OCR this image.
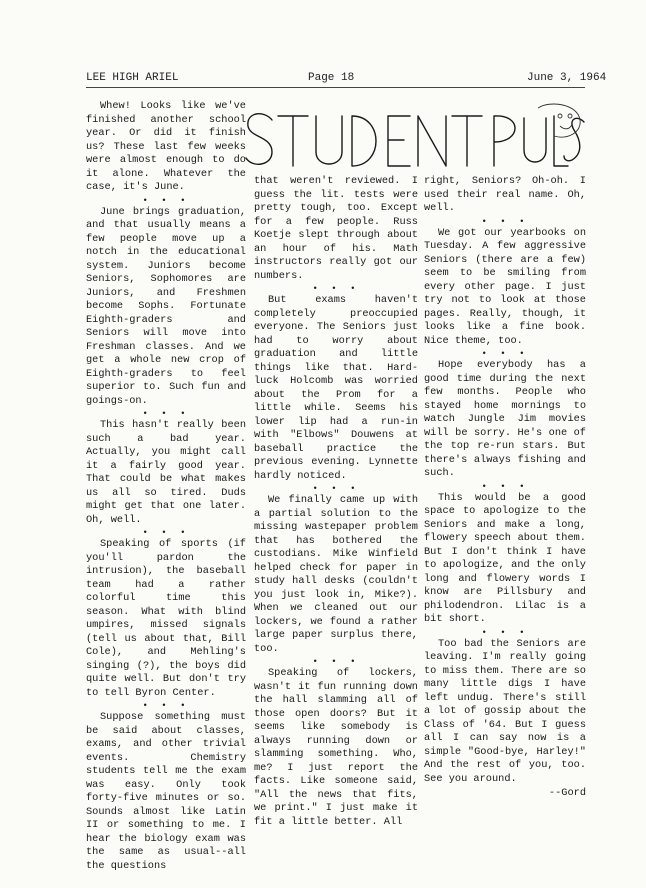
LEE HIGH ARIEL	Page 18	June 3, 1964

Whew! Looks like we've finished another school year. Or did it finish us? These last few weeks were almost enough to do it alone. Whatever the case, it's June.

• • •

June brings graduation, and that usually means a few people move up a notch in the educational system. Juniors become Seniors, Sophomores are Juniors, and Freshmen become Sophs. Fortunate Eighth-graders and Seniors will move into Freshman classes. And we get a whole new crop of Eighth-graders to feel superior to. Such fun and goings-on.

• • •

This hasn't really been such a bad year. Actually, you might call it a fairly good year. That could be what makes us all so tired. Duds might get that one later. Oh, well.

• • •

Speaking of sports (if you'll pardon the intrusion), the baseball team had a rather colorful time this season. What with blind umpires, missed signals (tell us about that, Bill Cole), and Mehling's singing (?), the boys did quite well. But don't try to tell Byron Center.

• • •

Suppose something must be said about classes, exams, and other trivial events. Chemistry students tell me the exam was easy. Only took forty-five minutes or so. Sounds almost like Latin II or something to me. I hear the biology exam was the same as usual--all the questions

that weren't reviewed. I guess the lit. tests were pretty tough, too. Except for a few people. Russ Koetje slept through about an hour of his. Math instructors really got our numbers.

• • •

But exams haven't completely preoccupied everyone. The Seniors just had to worry about graduation and little things like that. Hard-luck Holcomb was worried about the Prom for a little while. Seems his lower lip had a run-in with "Elbows" Douwens at baseball practice the previous evening. Lynnette hardly noticed.

• • •

We finally came up with a partial solution to the missing wastepaper problem that has bothered the custodians. Mike Winfield helped check for paper in study hall desks (couldn't you just look in, Mike?). When we cleaned out our lockers, we found a rather large paper surplus there, too.

• • •

Speaking of lockers, wasn't it fun running down the hall slamming all of those open doors? But it seems like somebody is always running down or slamming something. Who, me? I just report the facts. Like someone said, "All the news that fits, we print." I just make it fit a little better. All

right, Seniors? Oh-oh. I used their real name. Oh, well.

• • •

We got our yearbooks on Tuesday. A few aggressive Seniors (there are a few) seem to be smiling from every other page. I just try not to look at those pages. Really, though, it looks like a fine book. Nice theme, too.

• • •

Hope everybody has a good time during the next few months. People who stayed home mornings to watch Jungle Jim movies will be sorry. He's one of the top re-run stars. But there's always fishing and such.

• • •

This would be a good space to apologize to the Seniors and make a long, flowery speech about them. But I don't think I have to apologize, and the only long and flowery words I know are Pillsbury and philodendron. Lilac is a bit short.

• • •

Too bad the Seniors are leaving. I'm really going to miss them. There are so many little digs I have left undug. There's still a lot of gossip about the Class of '64. But I guess all I can say now is a simple "Good-bye, Harley!" And the rest of you, too. See you around.

--Gord
